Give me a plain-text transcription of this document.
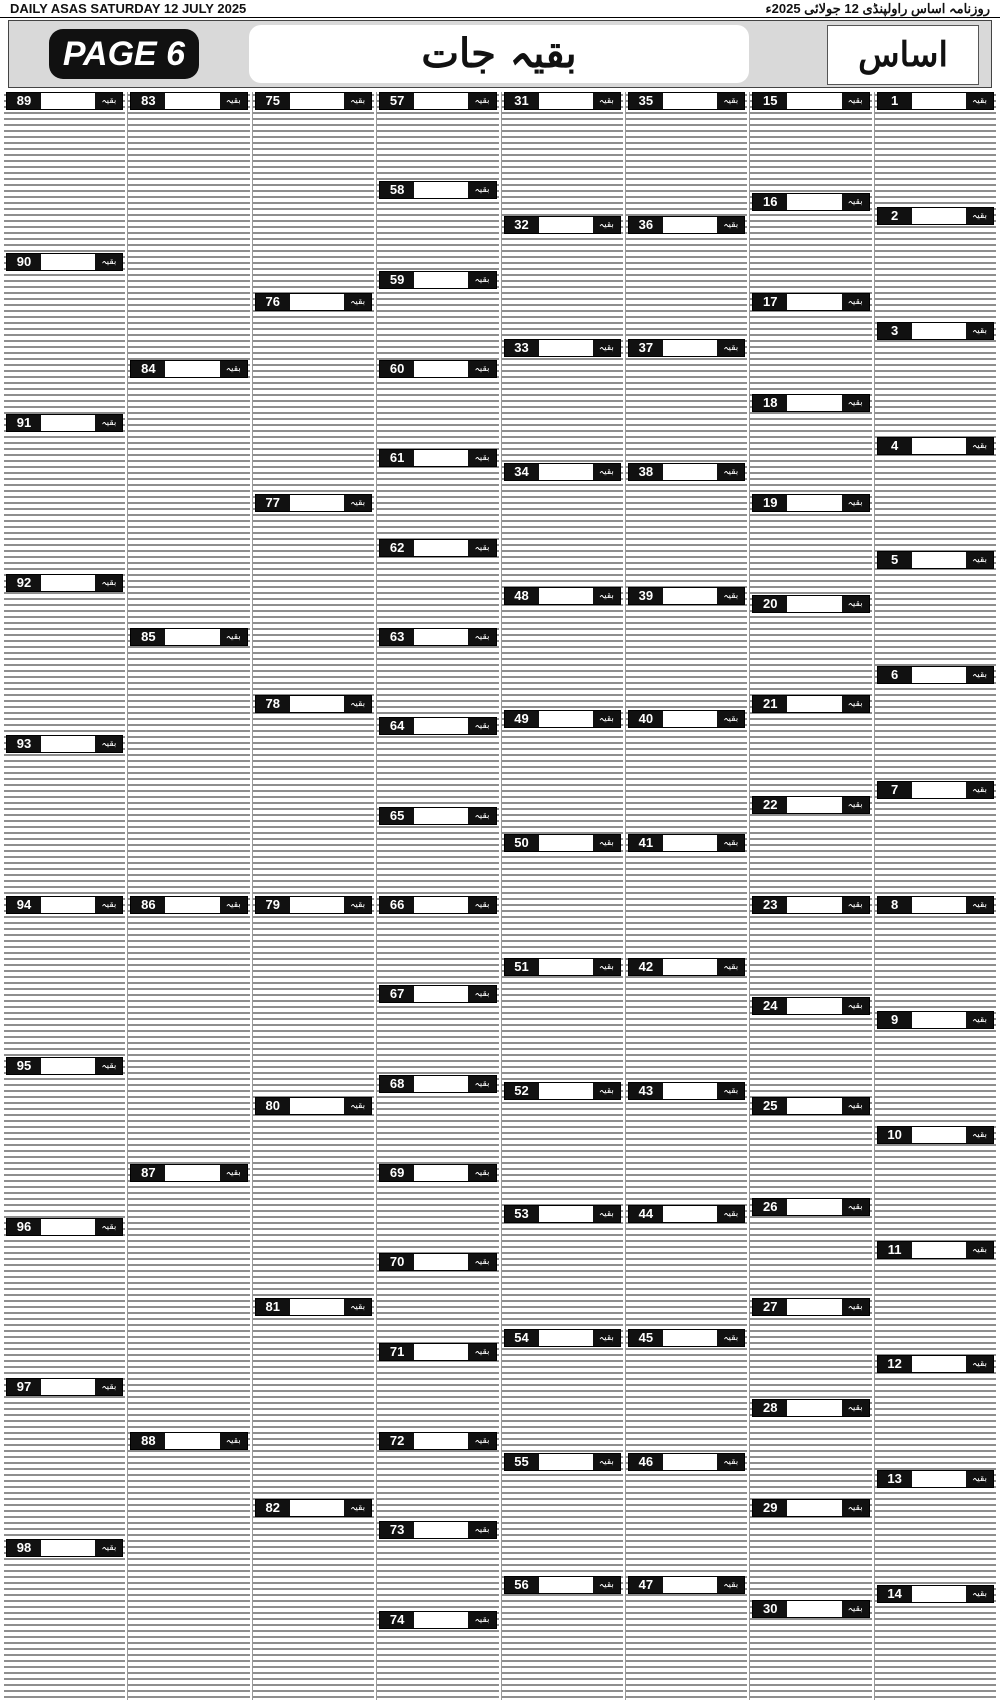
DAILY ASAS SATURDAY 12 JULY 2025	روزنامہ اساس راولپنڈی 12 جولائی 2025ء
PAGE 6	بقیہ جات	اساس
89	بقیہ
90	بقیہ
91	بقیہ
92	بقیہ
93	بقیہ
94	بقیہ
95	بقیہ
96	بقیہ
97	بقیہ
98	بقیہ
83	بقیہ
84	بقیہ
85	بقیہ
86	بقیہ
87	بقیہ
88	بقیہ
75	بقیہ
76	بقیہ
77	بقیہ
78	بقیہ
79	بقیہ
80	بقیہ
81	بقیہ
82	بقیہ
57	بقیہ
58	بقیہ
59	بقیہ
60	بقیہ
61	بقیہ
62	بقیہ
63	بقیہ
64	بقیہ
65	بقیہ
66	بقیہ
67	بقیہ
68	بقیہ
69	بقیہ
70	بقیہ
71	بقیہ
72	بقیہ
73	بقیہ
74	بقیہ
31	بقیہ
32	بقیہ
33	بقیہ
34	بقیہ
48	بقیہ
49	بقیہ
50	بقیہ
51	بقیہ
52	بقیہ
53	بقیہ
54	بقیہ
55	بقیہ
56	بقیہ
35	بقیہ
36	بقیہ
37	بقیہ
38	بقیہ
39	بقیہ
40	بقیہ
41	بقیہ
42	بقیہ
43	بقیہ
44	بقیہ
45	بقیہ
46	بقیہ
47	بقیہ
15	بقیہ
16	بقیہ
17	بقیہ
18	بقیہ
19	بقیہ
20	بقیہ
21	بقیہ
22	بقیہ
23	بقیہ
24	بقیہ
25	بقیہ
26	بقیہ
27	بقیہ
28	بقیہ
29	بقیہ
30	بقیہ
1	بقیہ
2	بقیہ
3	بقیہ
4	بقیہ
5	بقیہ
6	بقیہ
7	بقیہ
8	بقیہ
9	بقیہ
10	بقیہ
11	بقیہ
12	بقیہ
13	بقیہ
14	بقیہ
